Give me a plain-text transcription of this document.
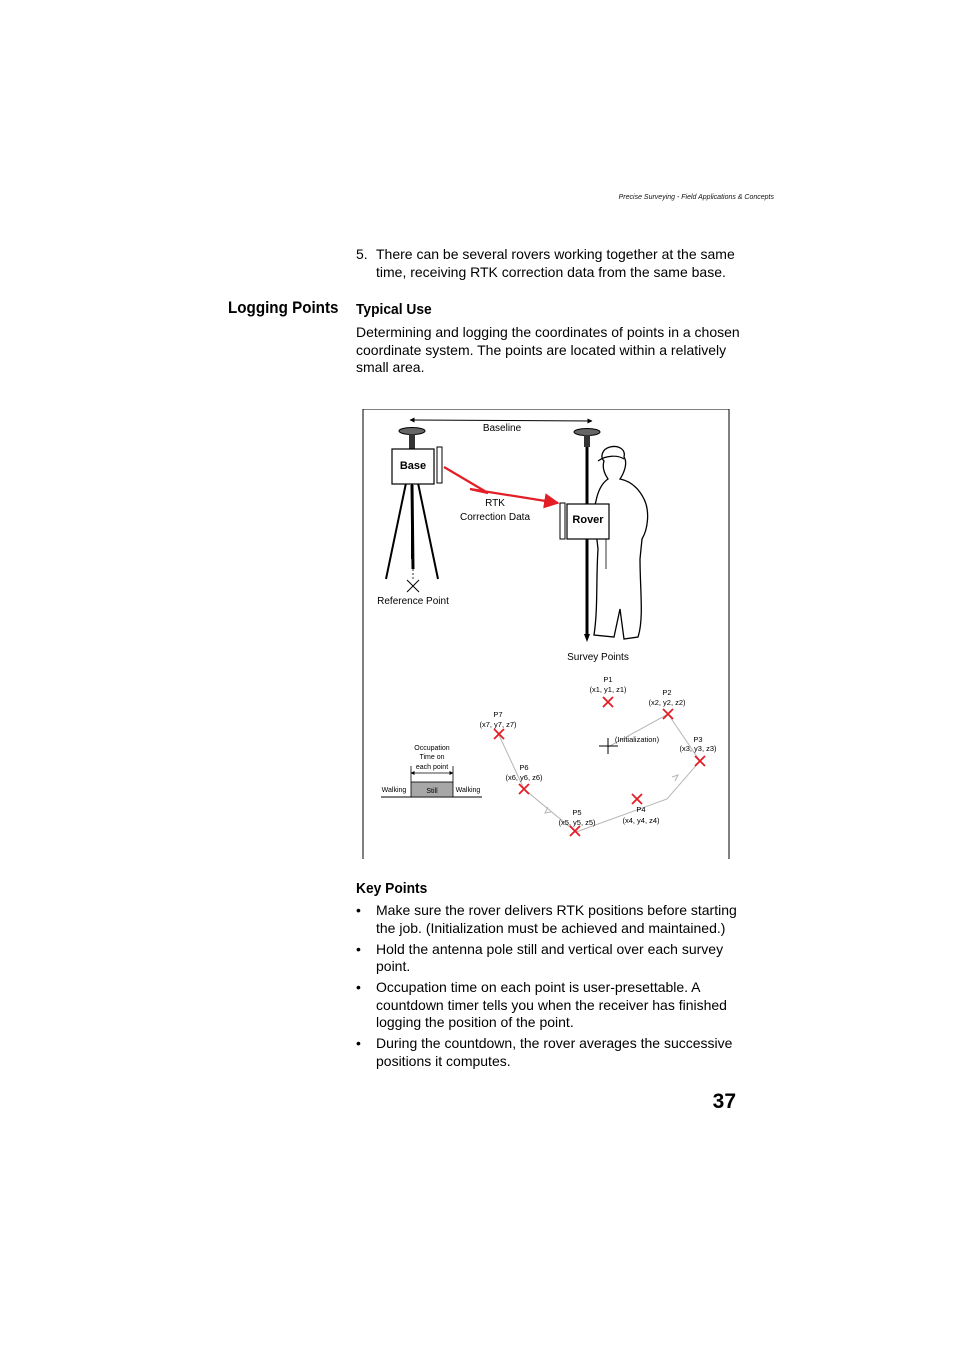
Precise Surveying - Field Applications & Concepts
5. There can be several rovers working together at the same time, receiving RTK correction data from the same base.
Logging Points Typical Use
Determining and logging the coordinates of points in a chosen coordinate system. The points are located within a relatively small area.
Baseline
Base
Reference Point
RTK
Correction Data	Rover
Survey Points
(Initialization)
P1
(x1, y1, z1)	P2
(x2, y2, z2)
P3
(x3, y3, z3)
P4
(x4, y4, z4)
P5
(x5, y5, z5)
P6
(x6, y6, z6)
P7
(x7, y7, z7)
Occupation
Time on
each point
Walking	Still	Walking
Key Points
• Make sure the rover delivers RTK positions before starting the job. (Initialization must be achieved and maintained.)
• Hold the antenna pole still and vertical over each survey point.
• Occupation time on each point is user-presettable. A countdown timer tells you when the receiver has finished logging the position of the point.
• During the countdown, the rover averages the successive positions it computes.
37
